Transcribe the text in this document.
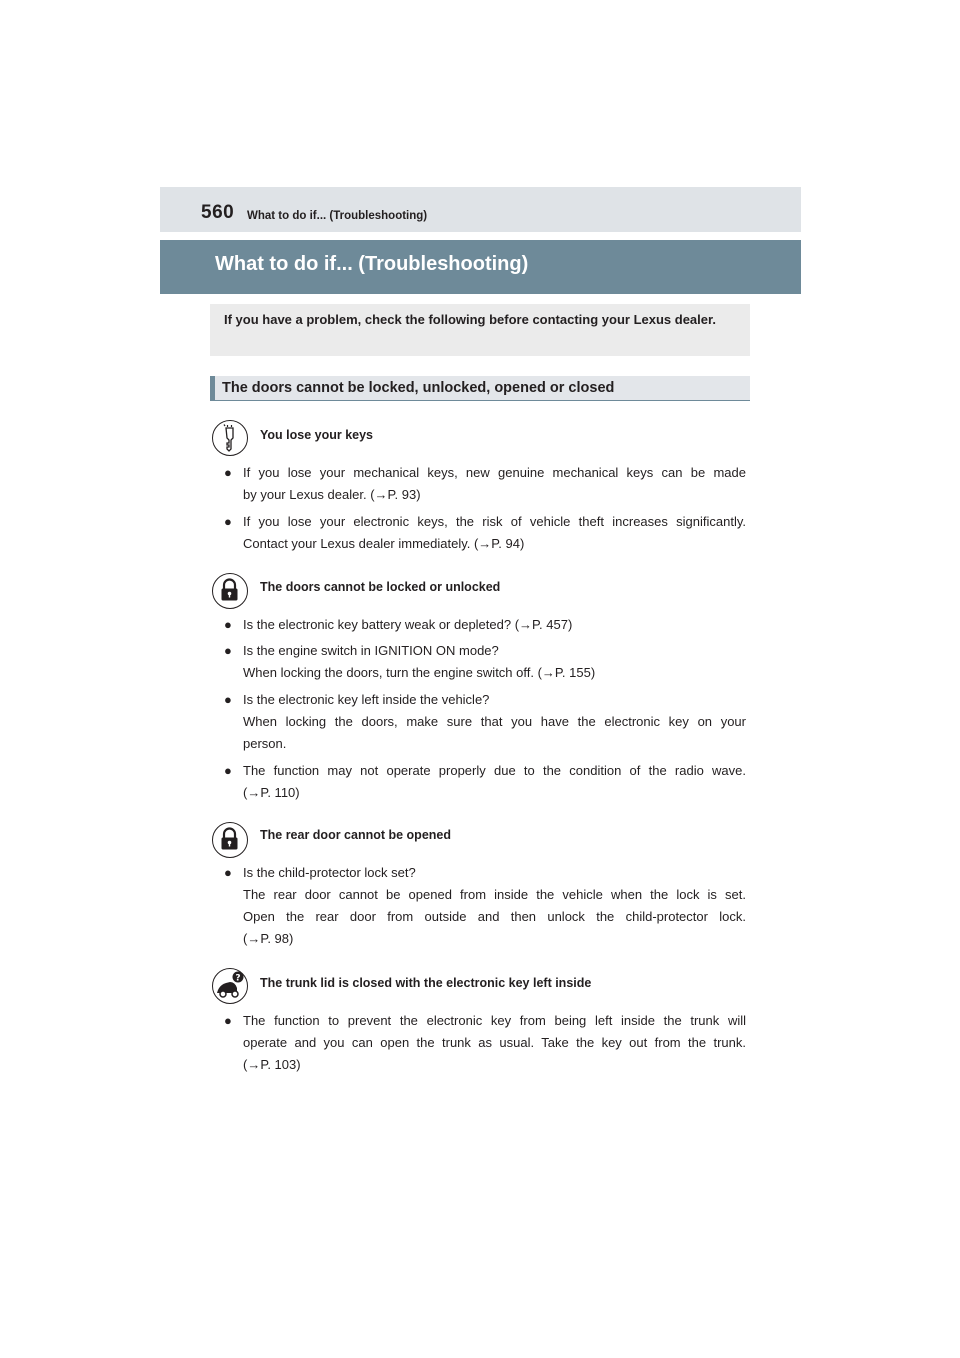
560 What to do if... (Troubleshooting)
What to do if... (Troubleshooting)
If you have a problem, check the following before contacting your Lexus dealer.
The doors cannot be locked, unlocked, opened or closed
You lose your keys
● If you lose your mechanical keys, new genuine mechanical keys can be made
by your Lexus dealer. (→P. 93)
● If you lose your electronic keys, the risk of vehicle theft increases significantly.
Contact your Lexus dealer immediately. (→P. 94)
The doors cannot be locked or unlocked
● Is the electronic key battery weak or depleted? (→P. 457)
● Is the engine switch in IGNITION ON mode?
When locking the doors, turn the engine switch off. (→P. 155)
● Is the electronic key left inside the vehicle?
When locking the doors, make sure that you have the electronic key on your
person.
● The function may not operate properly due to the condition of the radio wave.
(→P. 110)
The rear door cannot be opened
● Is the child-protector lock set?
The rear door cannot be opened from inside the vehicle when the lock is set.
Open the rear door from outside and then unlock the child-protector lock.
(→P. 98)
? The trunk lid is closed with the electronic key left inside
● The function to prevent the electronic key from being left inside the trunk will
operate and you can open the trunk as usual. Take the key out from the trunk.
(→P. 103)
